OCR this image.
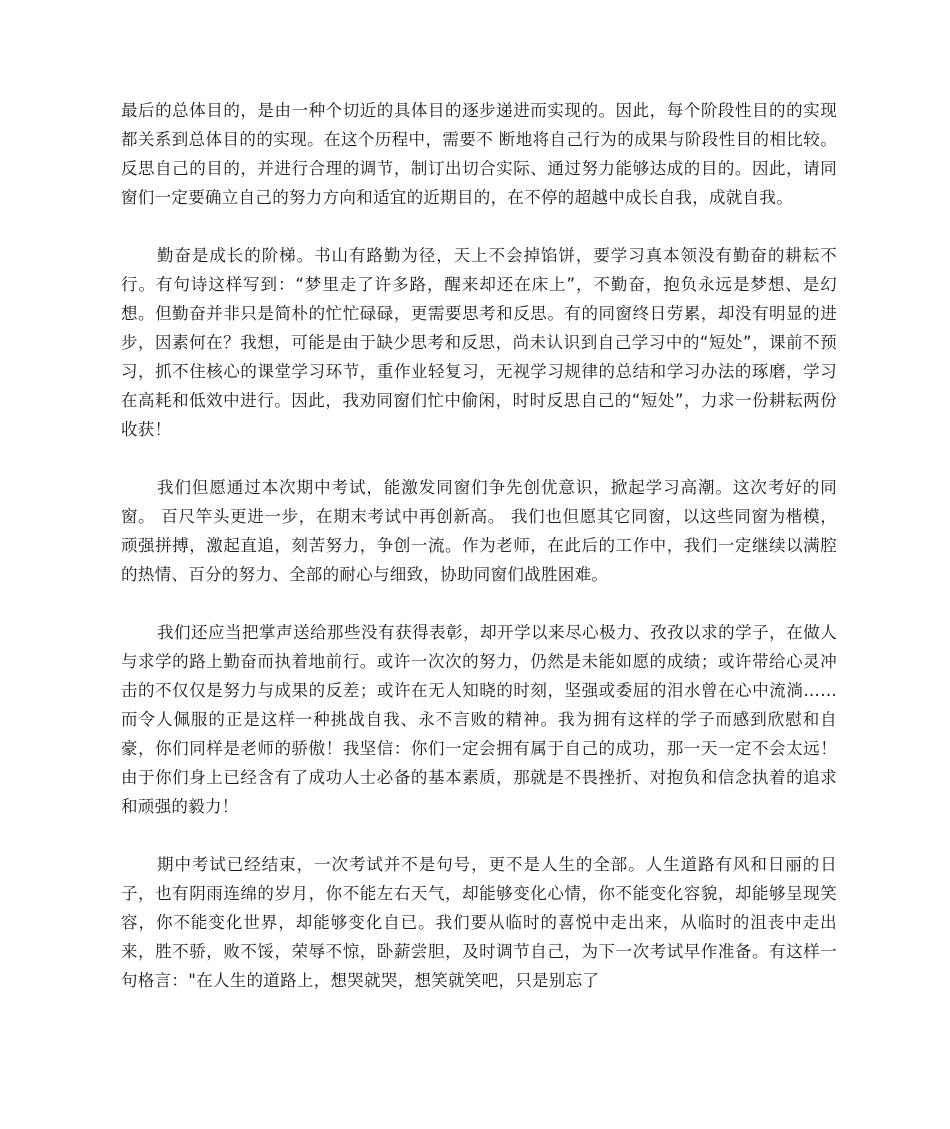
最后的总体目的，是由一种个切近的具体目的逐步递进而实现的。因此，每个阶段性目的的实现都关系到总体目的的实现。在这个历程中，需要不 断地将自己行为的成果与阶段性目的相比较。反思自己的目的，并进行合理的调节，制订出切合实际、通过努力能够达成的目的。因此，请同窗们一定要确立自己的努力方向和适宜的近期目的，在不停的超越中成长自我，成就自我。

勤奋是成长的阶梯。书山有路勤为径，天上不会掉馅饼，要学习真本领没有勤奋的耕耘不行。有句诗这样写到：“梦里走了许多路，醒来却还在床上”，不勤奋，抱负永远是梦想、是幻想。但勤奋并非只是简朴的忙忙碌碌，更需要思考和反思。有的同窗终日劳累，却没有明显的进步，因素何在？我想，可能是由于缺少思考和反思，尚未认识到自己学习中的“短处”，课前不预习，抓不住核心的课堂学习环节，重作业轻复习，无视学习规律的总结和学习办法的琢磨，学习在高耗和低效中进行。因此，我劝同窗们忙中偷闲，时时反思自己的“短处”，力求一份耕耘两份收获！

我们但愿通过本次期中考试，能激发同窗们争先创优意识，掀起学习高潮。这次考好的同窗。 百尺竿头更进一步，在期末考试中再创新高。 我们也但愿其它同窗，以这些同窗为楷模，顽强拼搏，激起直追，刻苦努力，争创一流。作为老师，在此后的工作中，我们一定继续以满腔的热情、百分的努力、全部的耐心与细致，协助同窗们战胜困难。

我们还应当把掌声送给那些没有获得表彰，却开学以来尽心极力、孜孜以求的学子，在做人与求学的路上勤奋而执着地前行。或许一次次的努力，仍然是未能如愿的成绩；或许带给心灵冲击的不仅仅是努力与成果的反差；或许在无人知晓的时刻，坚强或委屈的泪水曾在心中流淌……而令人佩服的正是这样一种挑战自我、永不言败的精神。我为拥有这样的学子而感到欣慰和自豪，你们同样是老师的骄傲！我坚信：你们一定会拥有属于自己的成功，那一天一定不会太远！由于你们身上已经含有了成功人士必备的基本素质，那就是不畏挫折、对抱负和信念执着的追求和顽强的毅力！

期中考试已经结束，一次考试并不是句号，更不是人生的全部。人生道路有风和日丽的日子，也有阴雨连绵的岁月，你不能左右天气，却能够变化心情，你不能变化容貌，却能够呈现笑容，你不能变化世界，却能够变化自已。我们要从临时的喜悦中走出来，从临时的沮丧中走出来，胜不骄，败不馁，荣辱不惊，卧薪尝胆，及时调节自己，为下一次考试早作准备。有这样一句格言："在人生的道路上，想哭就哭，想笑就笑吧，只是别忘了
